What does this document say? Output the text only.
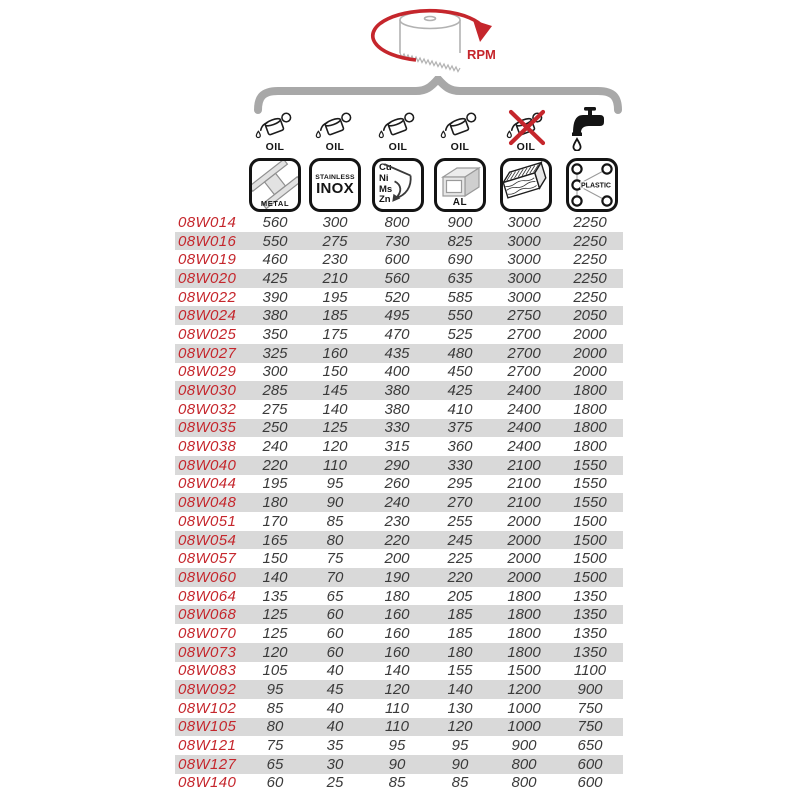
RPM
OIL
METAL
OIL
STAINLESS
INOX
OIL
Cu
Ni
Ms
Zn
OIL
AL
OIL
PLASTIC
08W014	560	300	800	900	3000	2250
08W016	550	275	730	825	3000	2250
08W019	460	230	600	690	3000	2250
08W020	425	210	560	635	3000	2250
08W022	390	195	520	585	3000	2250
08W024	380	185	495	550	2750	2050
08W025	350	175	470	525	2700	2000
08W027	325	160	435	480	2700	2000
08W029	300	150	400	450	2700	2000
08W030	285	145	380	425	2400	1800
08W032	275	140	380	410	2400	1800
08W035	250	125	330	375	2400	1800
08W038	240	120	315	360	2400	1800
08W040	220	110	290	330	2100	1550
08W044	195	95	260	295	2100	1550
08W048	180	90	240	270	2100	1550
08W051	170	85	230	255	2000	1500
08W054	165	80	220	245	2000	1500
08W057	150	75	200	225	2000	1500
08W060	140	70	190	220	2000	1500
08W064	135	65	180	205	1800	1350
08W068	125	60	160	185	1800	1350
08W070	125	60	160	185	1800	1350
08W073	120	60	160	180	1800	1350
08W083	105	40	140	155	1500	1100
08W092	95	45	120	140	1200	900
08W102	85	40	110	130	1000	750
08W105	80	40	110	120	1000	750
08W121	75	35	95	95	900	650
08W127	65	30	90	90	800	600
08W140	60	25	85	85	800	600
